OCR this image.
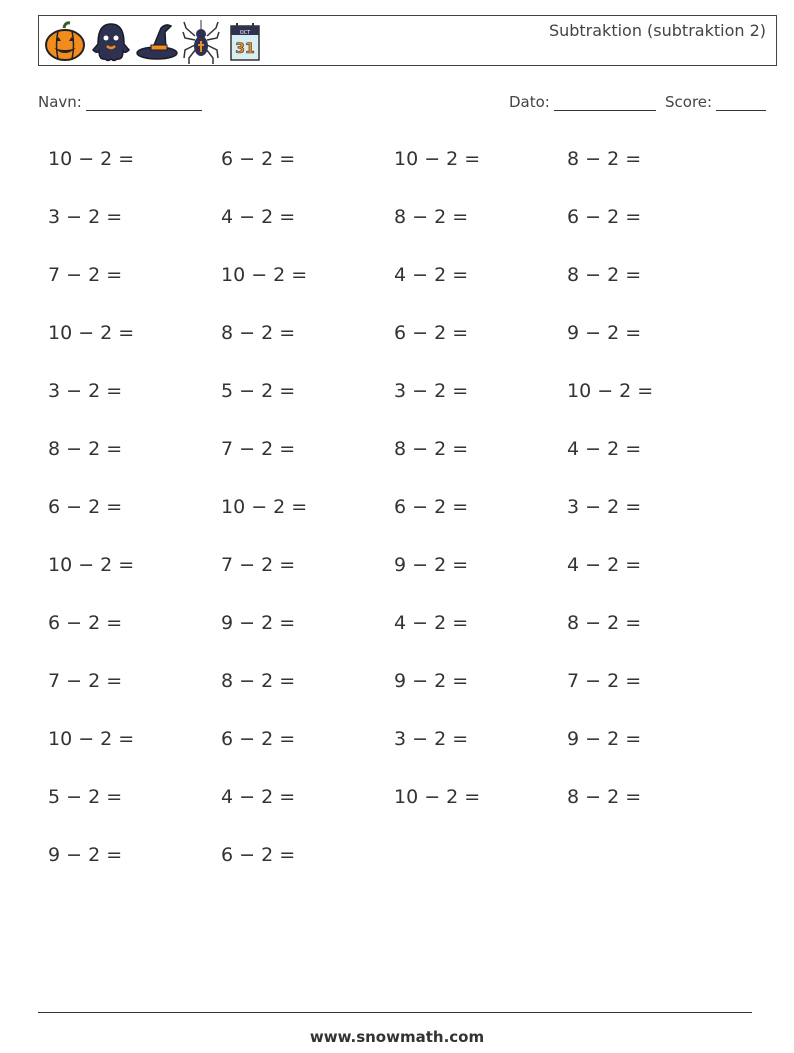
OCT
31
Subtraktion (subtraktion 2)
Navn:	Dato:	Score:
10 − 2 =	6 − 2 =	10 − 2 =	8 − 2 =
3 − 2 =	4 − 2 =	8 − 2 =	6 − 2 =
7 − 2 =	10 − 2 =	4 − 2 =	8 − 2 =
10 − 2 =	8 − 2 =	6 − 2 =	9 − 2 =
3 − 2 =	5 − 2 =	3 − 2 =	10 − 2 =
8 − 2 =	7 − 2 =	8 − 2 =	4 − 2 =
6 − 2 =	10 − 2 =	6 − 2 =	3 − 2 =
10 − 2 =	7 − 2 =	9 − 2 =	4 − 2 =
6 − 2 =	9 − 2 =	4 − 2 =	8 − 2 =
7 − 2 =	8 − 2 =	9 − 2 =	7 − 2 =
10 − 2 =	6 − 2 =	3 − 2 =	9 − 2 =
5 − 2 =	4 − 2 =	10 − 2 =	8 − 2 =
9 − 2 =	6 − 2 =
www.snowmath.com
